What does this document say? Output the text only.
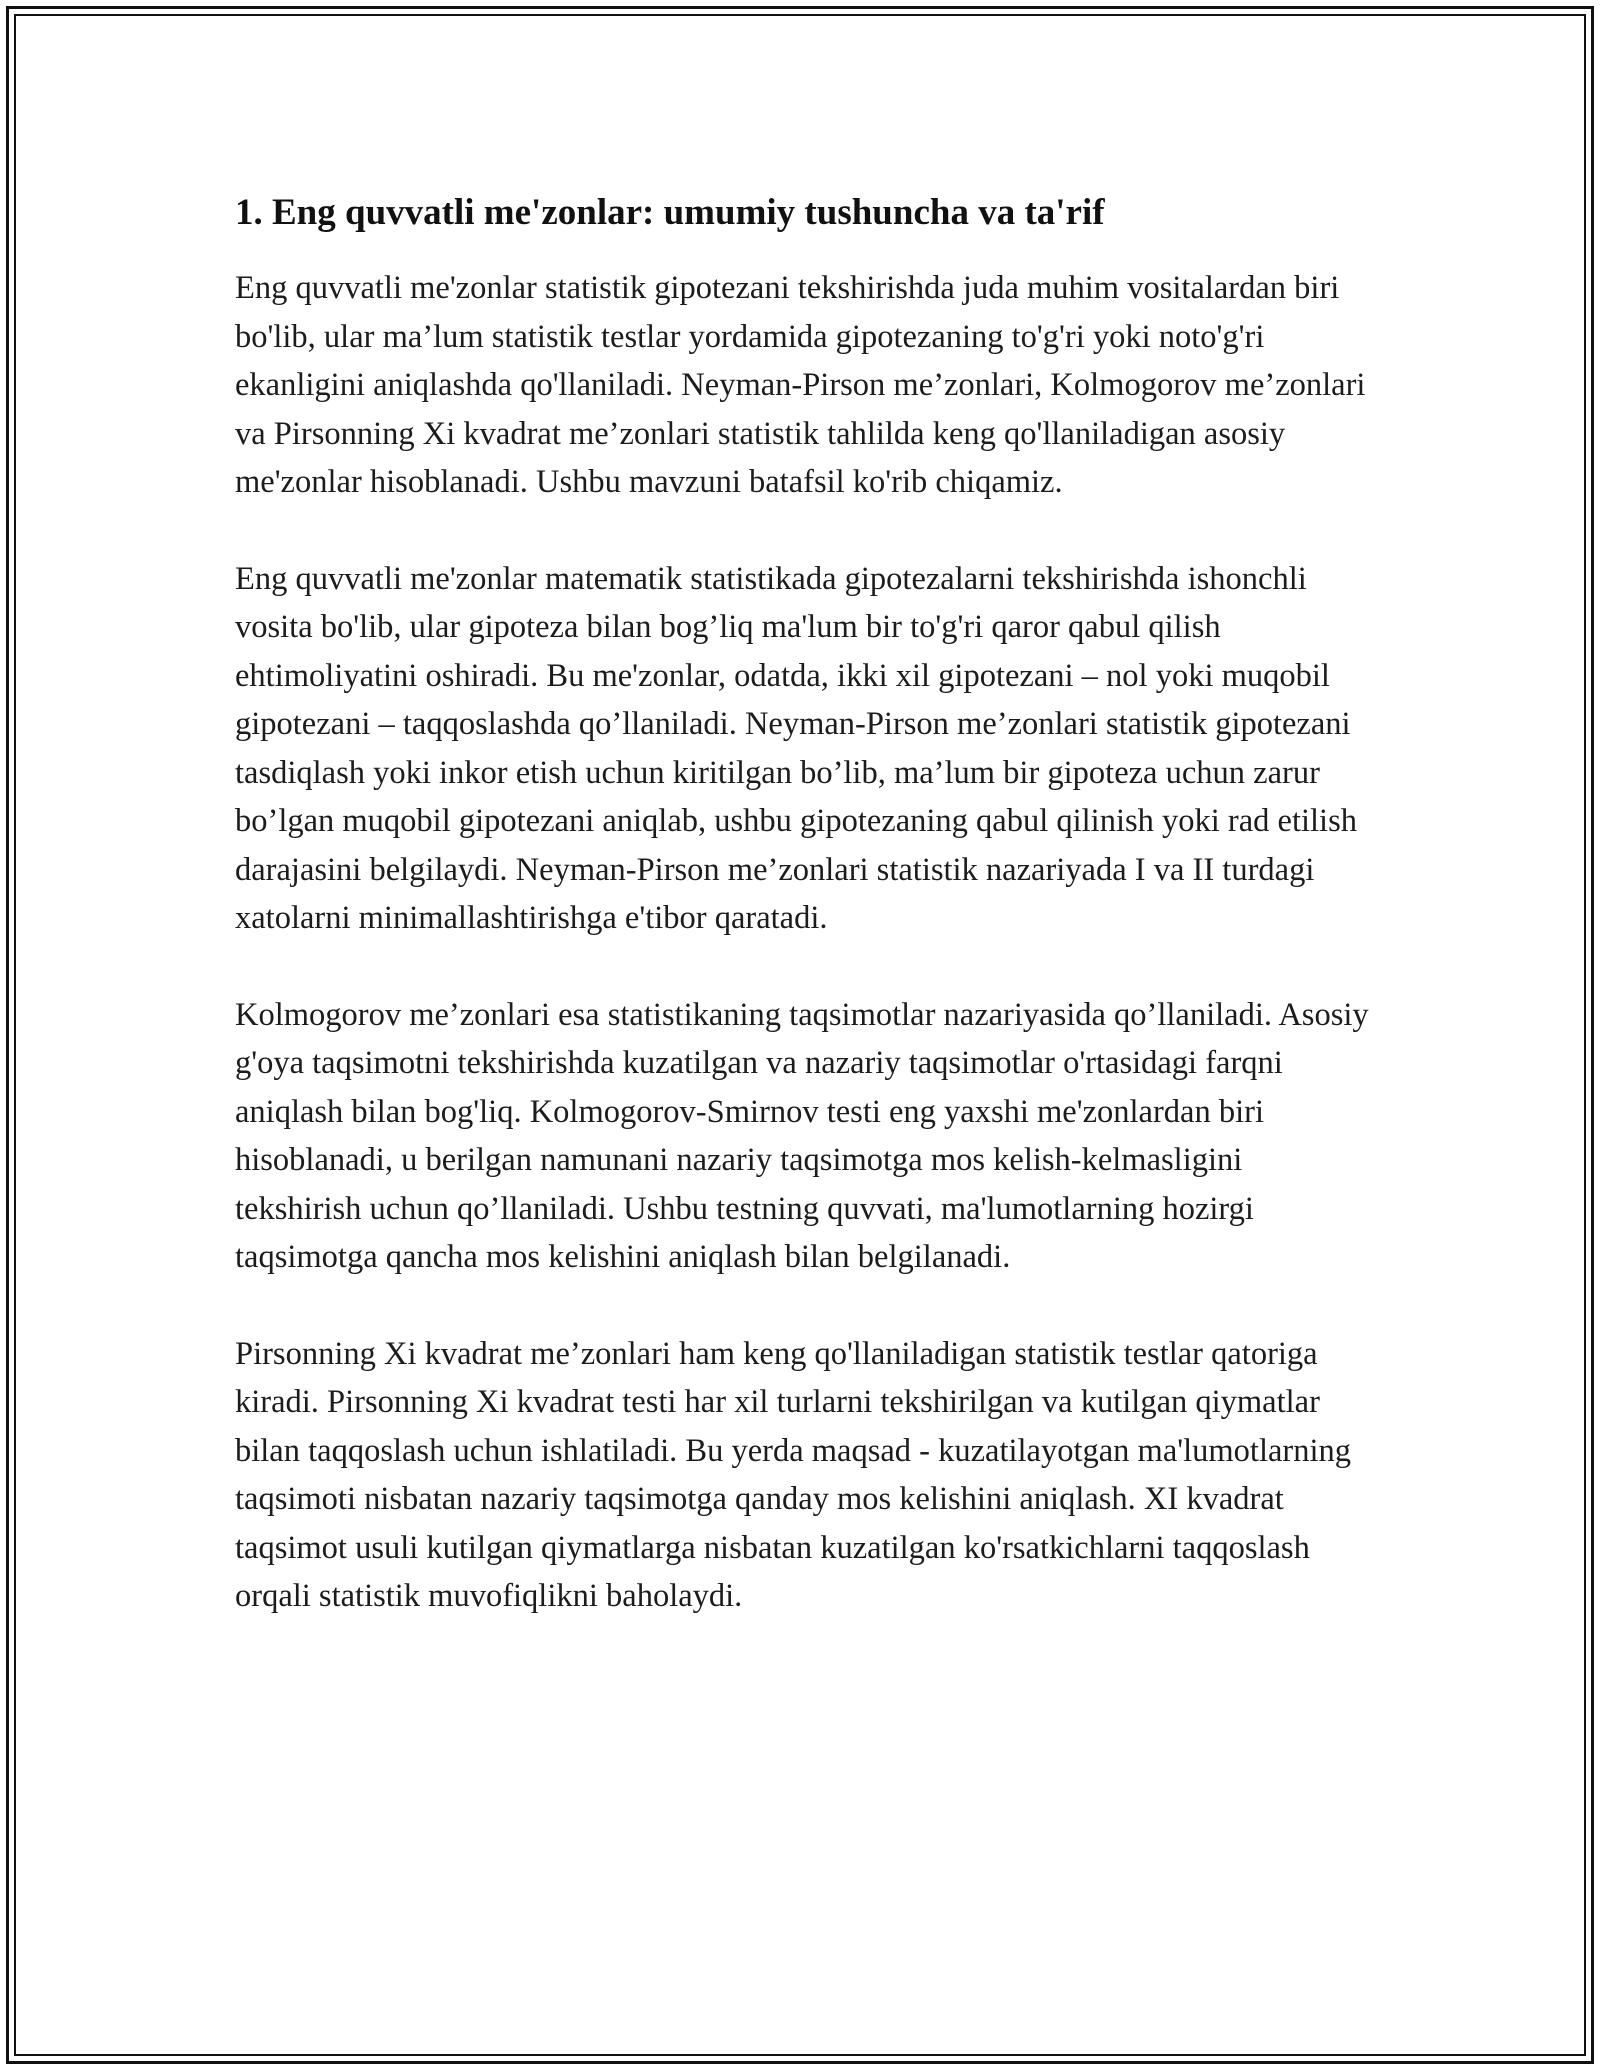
1. Eng quvvatli me'zonlar: umumiy tushuncha va ta'rif

Eng quvvatli me'zonlar statistik gipotezani tekshirishda juda muhim vositalardan biri bo'lib, ular ma’lum statistik testlar yordamida gipotezaning to'g'ri yoki noto'g'ri ekanligini aniqlashda qo'llaniladi. Neyman-Pirson me’zonlari, Kolmogorov me’zonlari va Pirsonning Xi kvadrat me’zonlari statistik tahlilda keng qo'llaniladigan asosiy me'zonlar hisoblanadi. Ushbu mavzuni batafsil ko'rib chiqamiz.

Eng quvvatli me'zonlar matematik statistikada gipotezalarni tekshirishda ishonchli vosita bo'lib, ular gipoteza bilan bog’liq ma'lum bir to'g'ri qaror qabul qilish ehtimoliyatini oshiradi. Bu me'zonlar, odatda, ikki xil gipotezani – nol yoki muqobil gipotezani – taqqoslashda qo’llaniladi. Neyman-Pirson me’zonlari statistik gipotezani tasdiqlash yoki inkor etish uchun kiritilgan bo’lib, ma’lum bir gipoteza uchun zarur bo’lgan muqobil gipotezani aniqlab, ushbu gipotezaning qabul qilinish yoki rad etilish darajasini belgilaydi. Neyman-Pirson me’zonlari statistik nazariyada I va II turdagi xatolarni minimallashtirishga e'tibor qaratadi.

Kolmogorov me’zonlari esa statistikaning taqsimotlar nazariyasida qo’llaniladi. Asosiy g'oya taqsimotni tekshirishda kuzatilgan va nazariy taqsimotlar o'rtasidagi farqni aniqlash bilan bog'liq. Kolmogorov-Smirnov testi eng yaxshi me'zonlardan biri hisoblanadi, u berilgan namunani nazariy taqsimotga mos kelish-kelmasligini tekshirish uchun qo’llaniladi. Ushbu testning quvvati, ma'lumotlarning hozirgi taqsimotga qancha mos kelishini aniqlash bilan belgilanadi.

Pirsonning Xi kvadrat me’zonlari ham keng qo'llaniladigan statistik testlar qatoriga kiradi. Pirsonning Xi kvadrat testi har xil turlarni tekshirilgan va kutilgan qiymatlar bilan taqqoslash uchun ishlatiladi. Bu yerda maqsad - kuzatilayotgan ma'lumotlarning taqsimoti nisbatan nazariy taqsimotga qanday mos kelishini aniqlash. XI kvadrat taqsimot usuli kutilgan qiymatlarga nisbatan kuzatilgan ko'rsatkichlarni taqqoslash orqali statistik muvofiqlikni baholaydi.
